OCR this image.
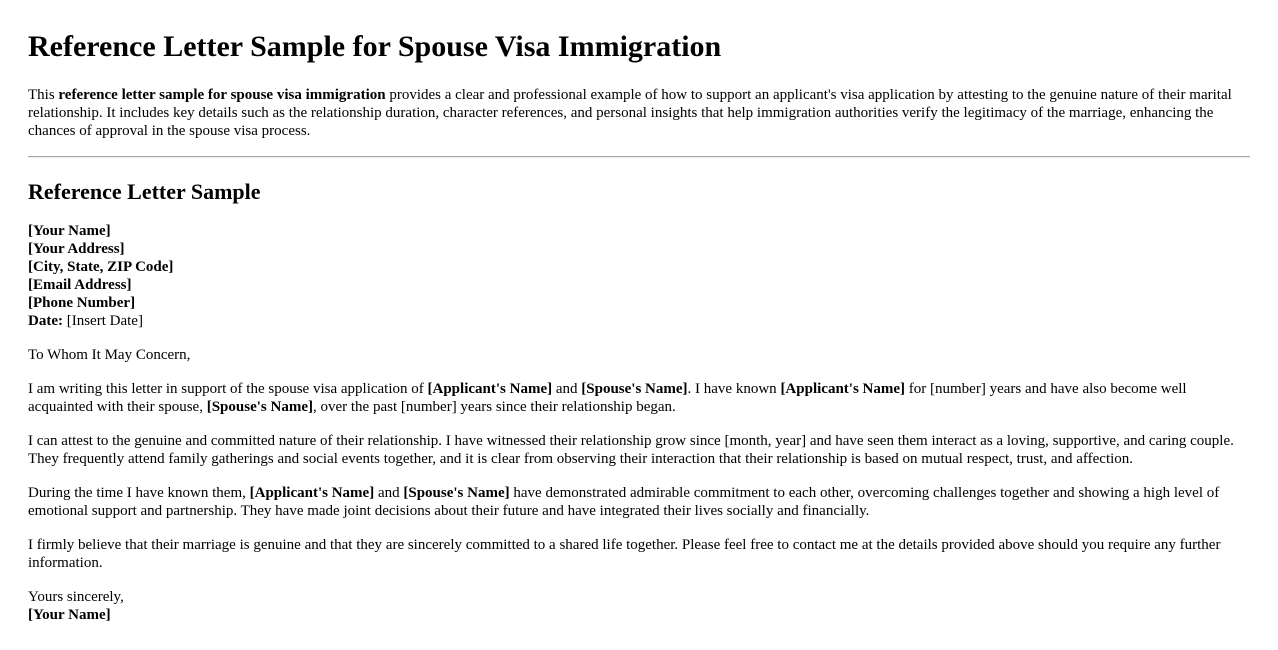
Reference Letter Sample for Spouse Visa Immigration

This reference letter sample for spouse visa immigration provides a clear and professional example of how to support an applicant's visa application by attesting to the genuine nature of their marital relationship. It includes key details such as the relationship duration, character references, and personal insights that help immigration authorities verify the legitimacy of the marriage, enhancing the chances of approval in the spouse visa process.

Reference Letter Sample
[Your Name]
[Your Address]
[City, State, ZIP Code]
[Email Address]
[Phone Number]
Date: [Insert Date]

To Whom It May Concern,

I am writing this letter in support of the spouse visa application of [Applicant's Name] and [Spouse's Name]. I have known [Applicant's Name] for [number] years and have also become well acquainted with their spouse, [Spouse's Name], over the past [number] years since their relationship began.

I can attest to the genuine and committed nature of their relationship. I have witnessed their relationship grow since [month, year] and have seen them interact as a loving, supportive, and caring couple. They frequently attend family gatherings and social events together, and it is clear from observing their interaction that their relationship is based on mutual respect, trust, and affection.

During the time I have known them, [Applicant's Name] and [Spouse's Name] have demonstrated admirable commitment to each other, overcoming challenges together and showing a high level of emotional support and partnership. They have made joint decisions about their future and have integrated their lives socially and financially.

I firmly believe that their marriage is genuine and that they are sincerely committed to a shared life together. Please feel free to contact me at the details provided above should you require any further information.

Yours sincerely,
[Your Name]
